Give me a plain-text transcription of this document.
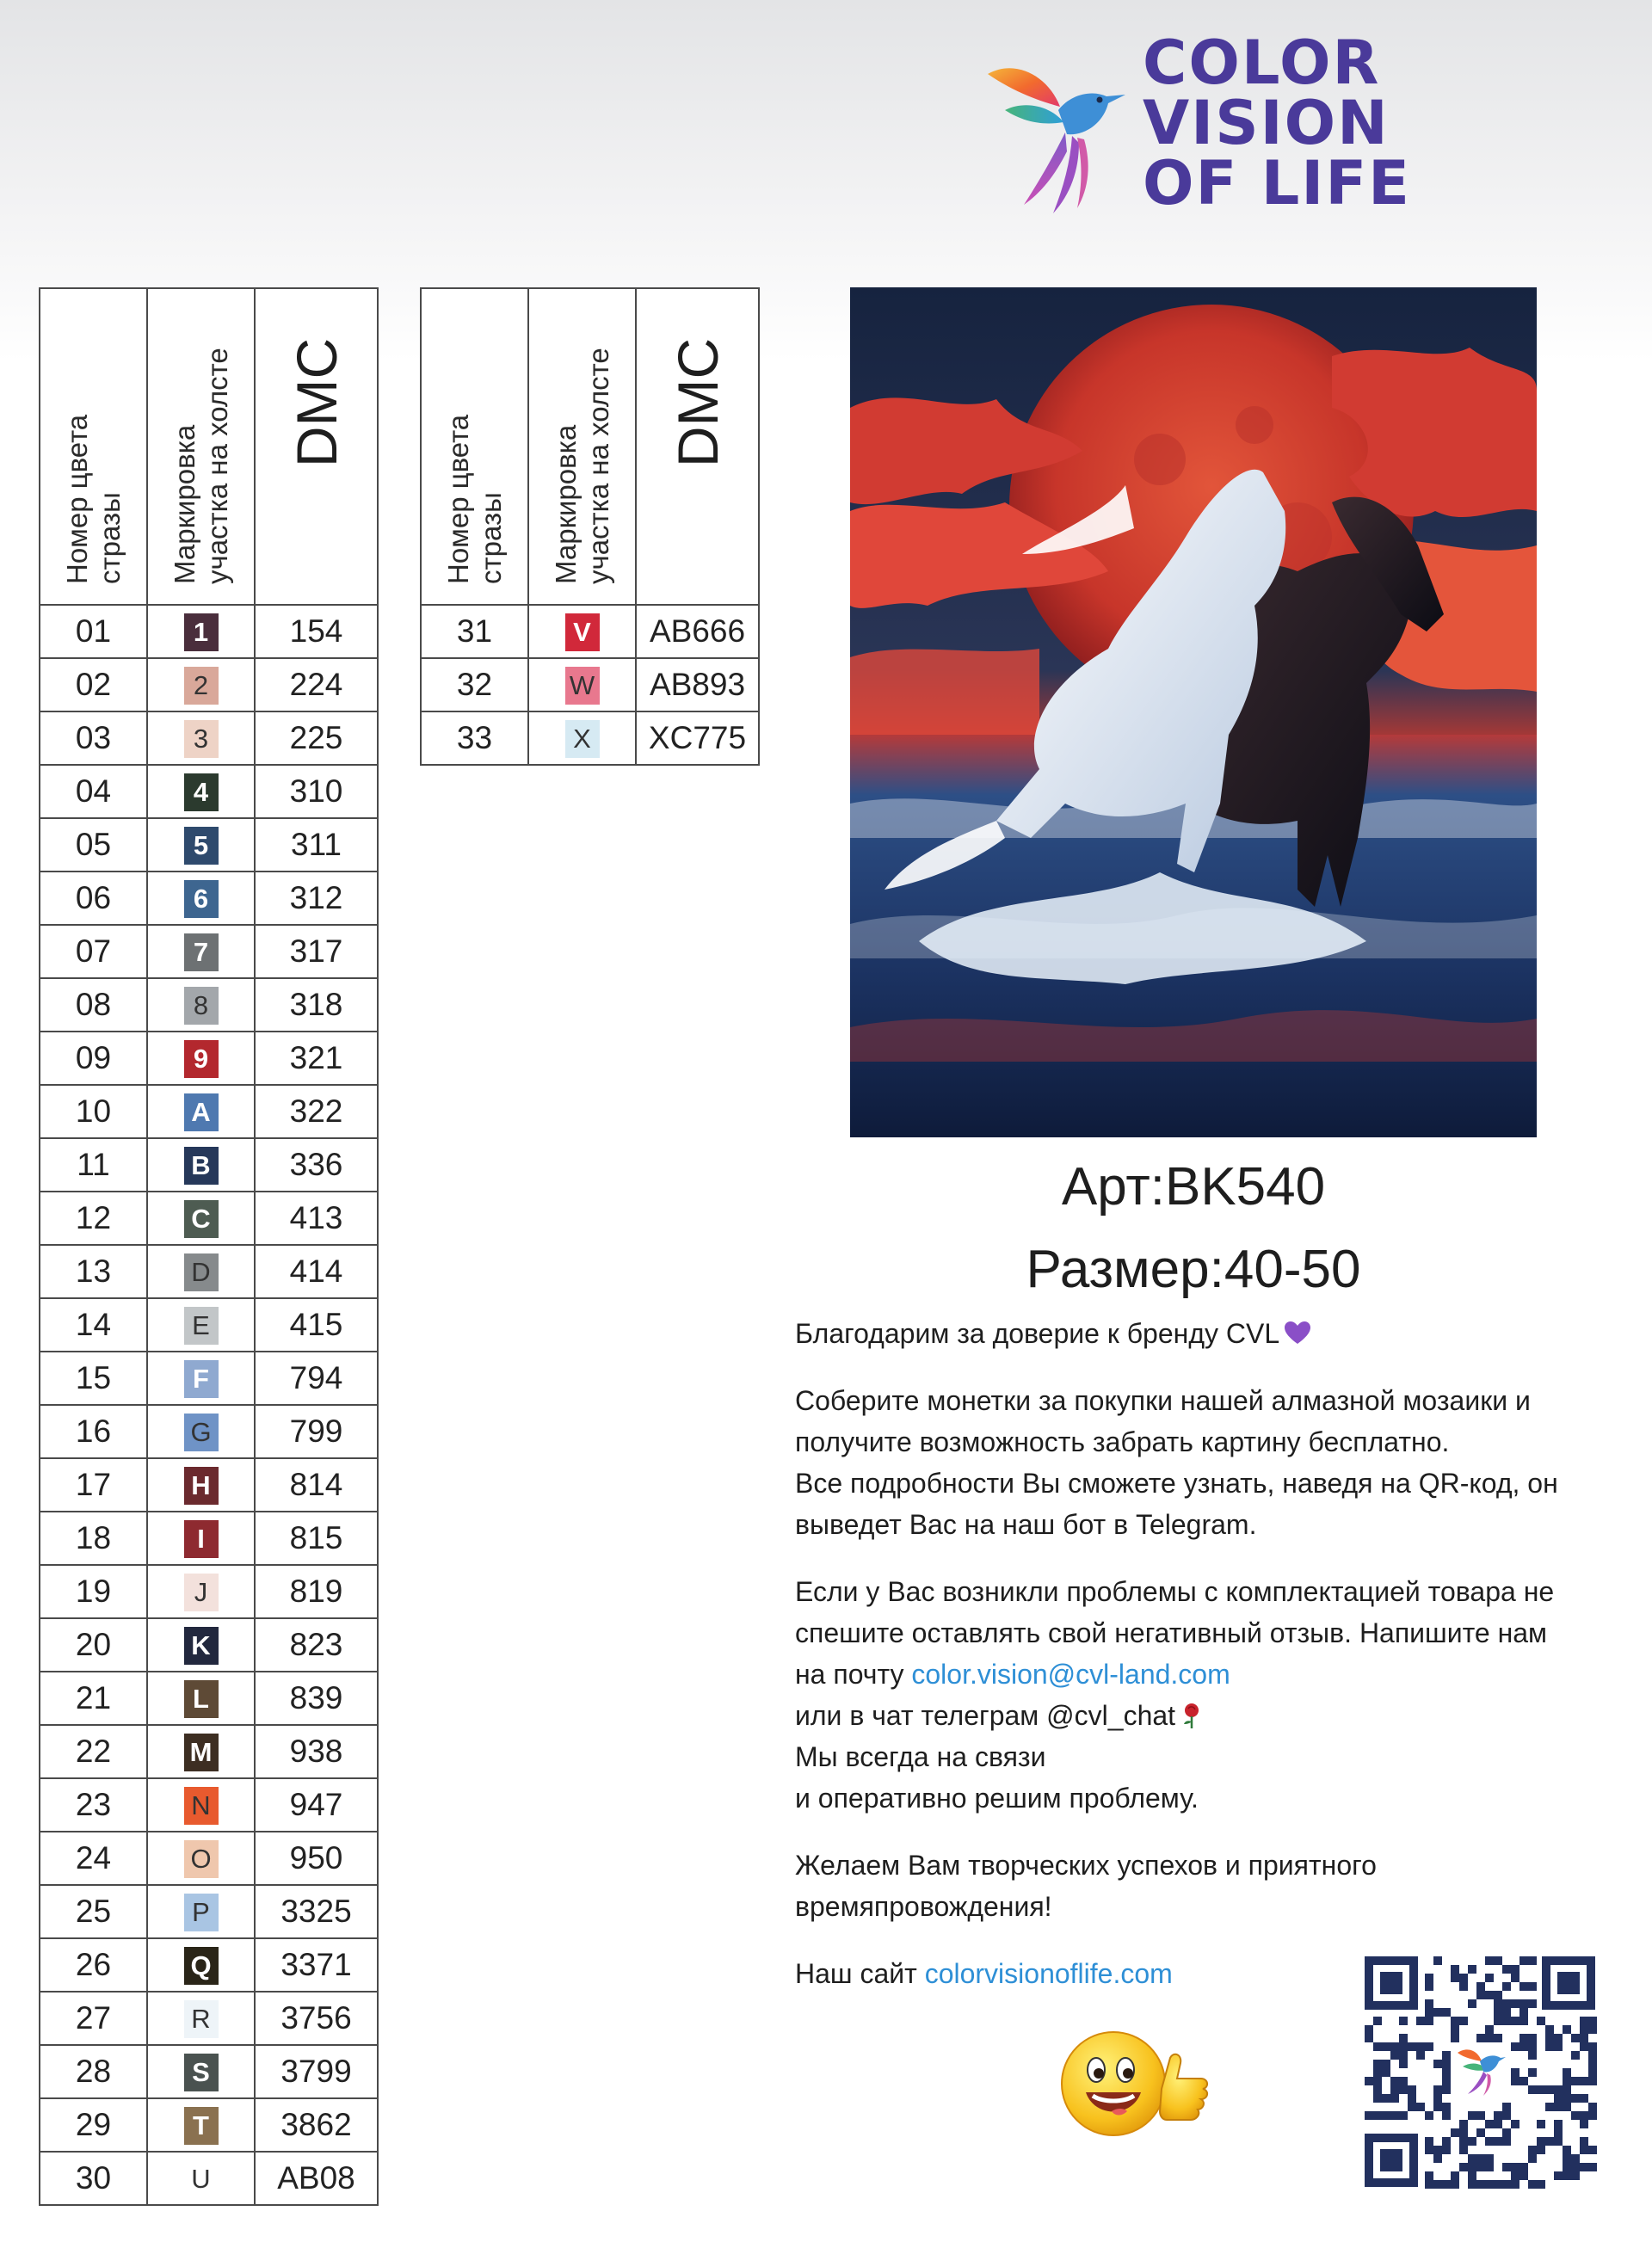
COLOR
VISION
OF LIFE
Номер цвета
стразы	Маркировка
участка на холсте	DMC

01	1	154
02	2	224
03	3	225
04	4	310
05	5	311
06	6	312
07	7	317
08	8	318
09	9	321
10	A	322
11	B	336
12	C	413
13	D	414
14	E	415
15	F	794
16	G	799
17	H	814
18	I	815
19	J	819
20	K	823
21	L	839
22	M	938
23	N	947
24	O	950
25	P	3325
26	Q	3371
27	R	3756
28	S	3799
29	T	3862
30	U	AB08
Номер цвета
стразы	Маркировка
участка на холсте	DMC

31	V	AB666
32	W	AB893
33	X	XC775
Арт:BK540
Размер:40-50

Благодарим за доверие к бренду CVL

Соберите монетки за покупки нашей алмазной мозаики и
получите возможность забрать картину бесплатно.
Все подробности Вы сможете узнать, наведя на QR-код, он
выведет Вас на наш бот в Telegram.

Если у Вас возникли проблемы с комплектацией товара не
спешите оставлять свой негативный отзыв. Напишите нам
на почту color.vision@cvl-land.com
или в чат телеграм @cvl_chat
Мы всегда на связи
и оперативно решим проблему.

Желаем Вам творческих успехов и приятного
времяпровождения!

Наш сайт colorvisionoflife.com
